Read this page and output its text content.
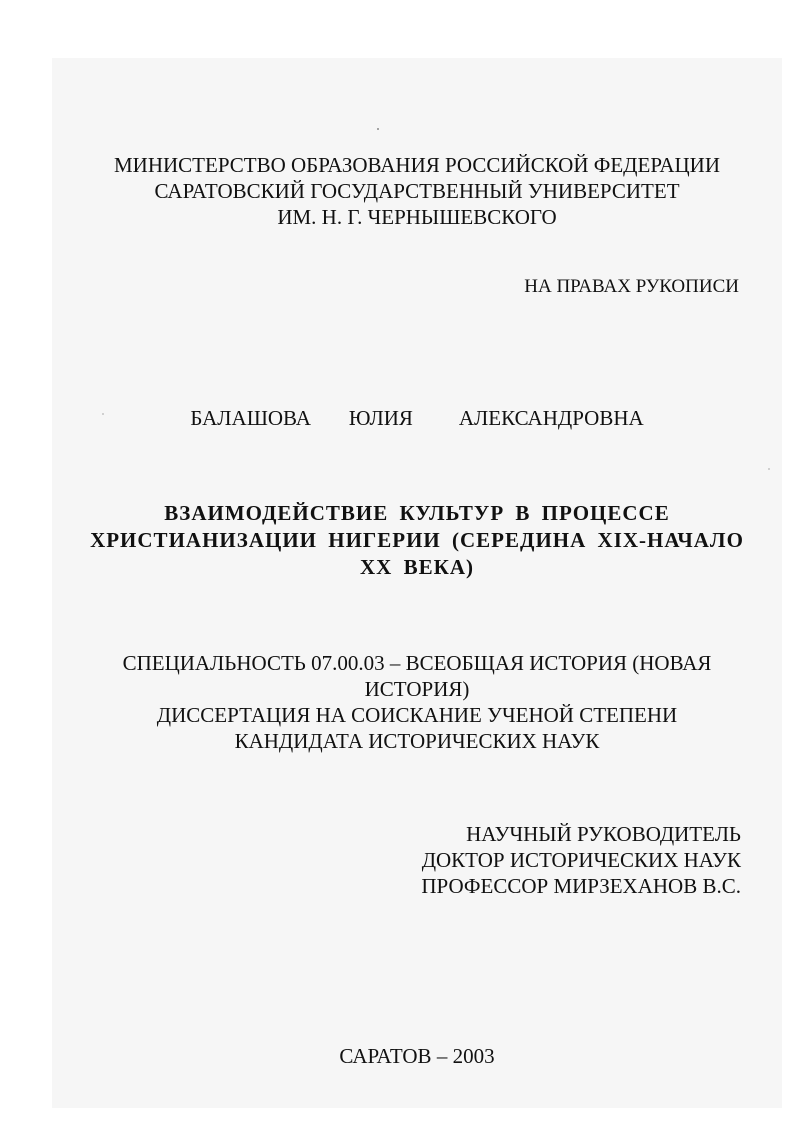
МИНИСТЕРСТВО ОБРАЗОВАНИЯ РОССИЙСКОЙ ФЕДЕРАЦИИ
САРАТОВСКИЙ ГОСУДАРСТВЕННЫЙ УНИВЕРСИТЕТ
ИМ. Н. Г. ЧЕРНЫШЕВСКОГО
НА ПРАВАХ РУКОПИСИ
БАЛАШОВА ЮЛИЯ АЛЕКСАНДРОВНА
ВЗАИМОДЕЙСТВИЕ КУЛЬТУР В ПРОЦЕССЕ
ХРИСТИАНИЗАЦИИ НИГЕРИИ (СЕРЕДИНА XIX-НАЧАЛО
XX ВЕКА)
СПЕЦИАЛЬНОСТЬ 07.00.03 – ВСЕОБЩАЯ ИСТОРИЯ (НОВАЯ
ИСТОРИЯ)
ДИССЕРТАЦИЯ НА СОИСКАНИЕ УЧЕНОЙ СТЕПЕНИ
КАНДИДАТА ИСТОРИЧЕСКИХ НАУК
НАУЧНЫЙ РУКОВОДИТЕЛЬ
ДОКТОР ИСТОРИЧЕСКИХ НАУК
ПРОФЕССОР МИРЗЕХАНОВ В.С.
САРАТОВ – 2003
